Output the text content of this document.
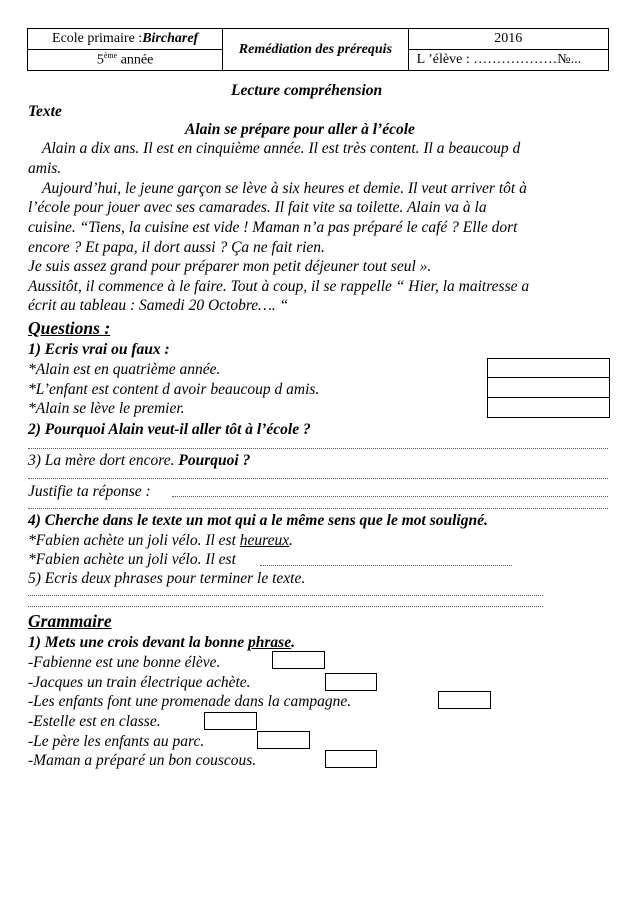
Ecole primaire :Bircharef	Remédiation des prérequis	2016
5ème année		L ’élève : ………………№...
Lecture compréhension
Texte
Alain se prépare pour aller à l’école
Alain a dix ans. Il est en cinquième année. Il est très content. Il a beaucoup d
amis.
Aujourd’hui, le jeune garçon se lève à six heures et demie. Il veut arriver tôt à
l’école pour jouer avec ses camarades. Il fait vite sa toilette. Alain va à la
cuisine. “Tiens, la cuisine est vide ! Maman n’a pas préparé le café ? Elle dort
encore ? Et papa, il dort aussi ? Ça ne fait rien.
Je suis assez grand pour préparer mon petit déjeuner tout seul ».
Aussitôt, il commence à le faire. Tout à coup, il se rappelle “ Hier, la maitresse a
écrit au tableau : Samedi 20 Octobre…. “
Questions :
1) Ecris vrai ou faux :
*Alain est en quatrième année.
*L’enfant est content d avoir beaucoup d amis.
*Alain se lève le premier.
2) Pourquoi Alain veut-il aller tôt à l’école ?
3) La mère dort encore. Pourquoi ?
Justifie ta réponse :
4) Cherche dans le texte un mot qui a le même sens que le mot souligné.
*Fabien achète un joli vélo. Il est heureux.
*Fabien achète un joli vélo. Il est
5) Ecris deux phrases pour terminer le texte.
Grammaire
1) Mets une crois devant la bonne phrase.
-Fabienne est une bonne élève.
-Jacques un train électrique achète.
-Les enfants font une promenade dans la campagne.
-Estelle est en classe.
-Le père les enfants au parc.
-Maman a préparé un bon couscous.
